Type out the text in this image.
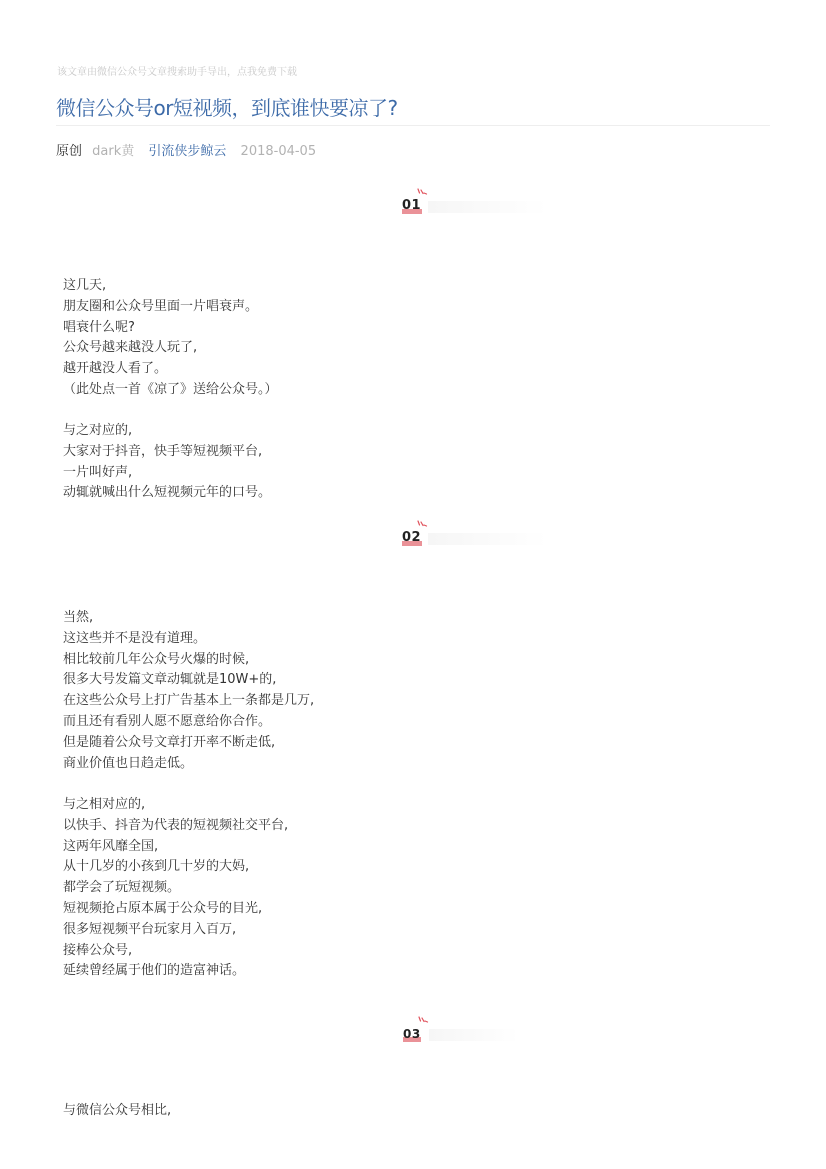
该文章由微信公众号文章搜索助手导出，点我免费下载
微信公众号or短视频，到底谁快要凉了?
原创 dark黄 引流侠步鲸云 2018-04-05
01
这几天,
朋友圈和公众号里面一片唱衰声。
唱衰什么呢?
公众号越来越没人玩了,
越开越没人看了。
（此处点一首《凉了》送给公众号。）
与之对应的,
大家对于抖音，快手等短视频平台,
一片叫好声,
动辄就喊出什么短视频元年的口号。
02
当然,
这这些并不是没有道理。
相比较前几年公众号火爆的时候,
很多大号发篇文章动辄就是10W+的,
在这些公众号上打广告基本上一条都是几万,
而且还有看别人愿不愿意给你合作。
但是随着公众号文章打开率不断走低,
商业价值也日趋走低。
与之相对应的,
以快手、抖音为代表的短视频社交平台,
这两年风靡全国,
从十几岁的小孩到几十岁的大妈,
都学会了玩短视频。
短视频抢占原本属于公众号的目光,
很多短视频平台玩家月入百万,
接棒公众号,
延续曾经属于他们的造富神话。
03
与微信公众号相比,
